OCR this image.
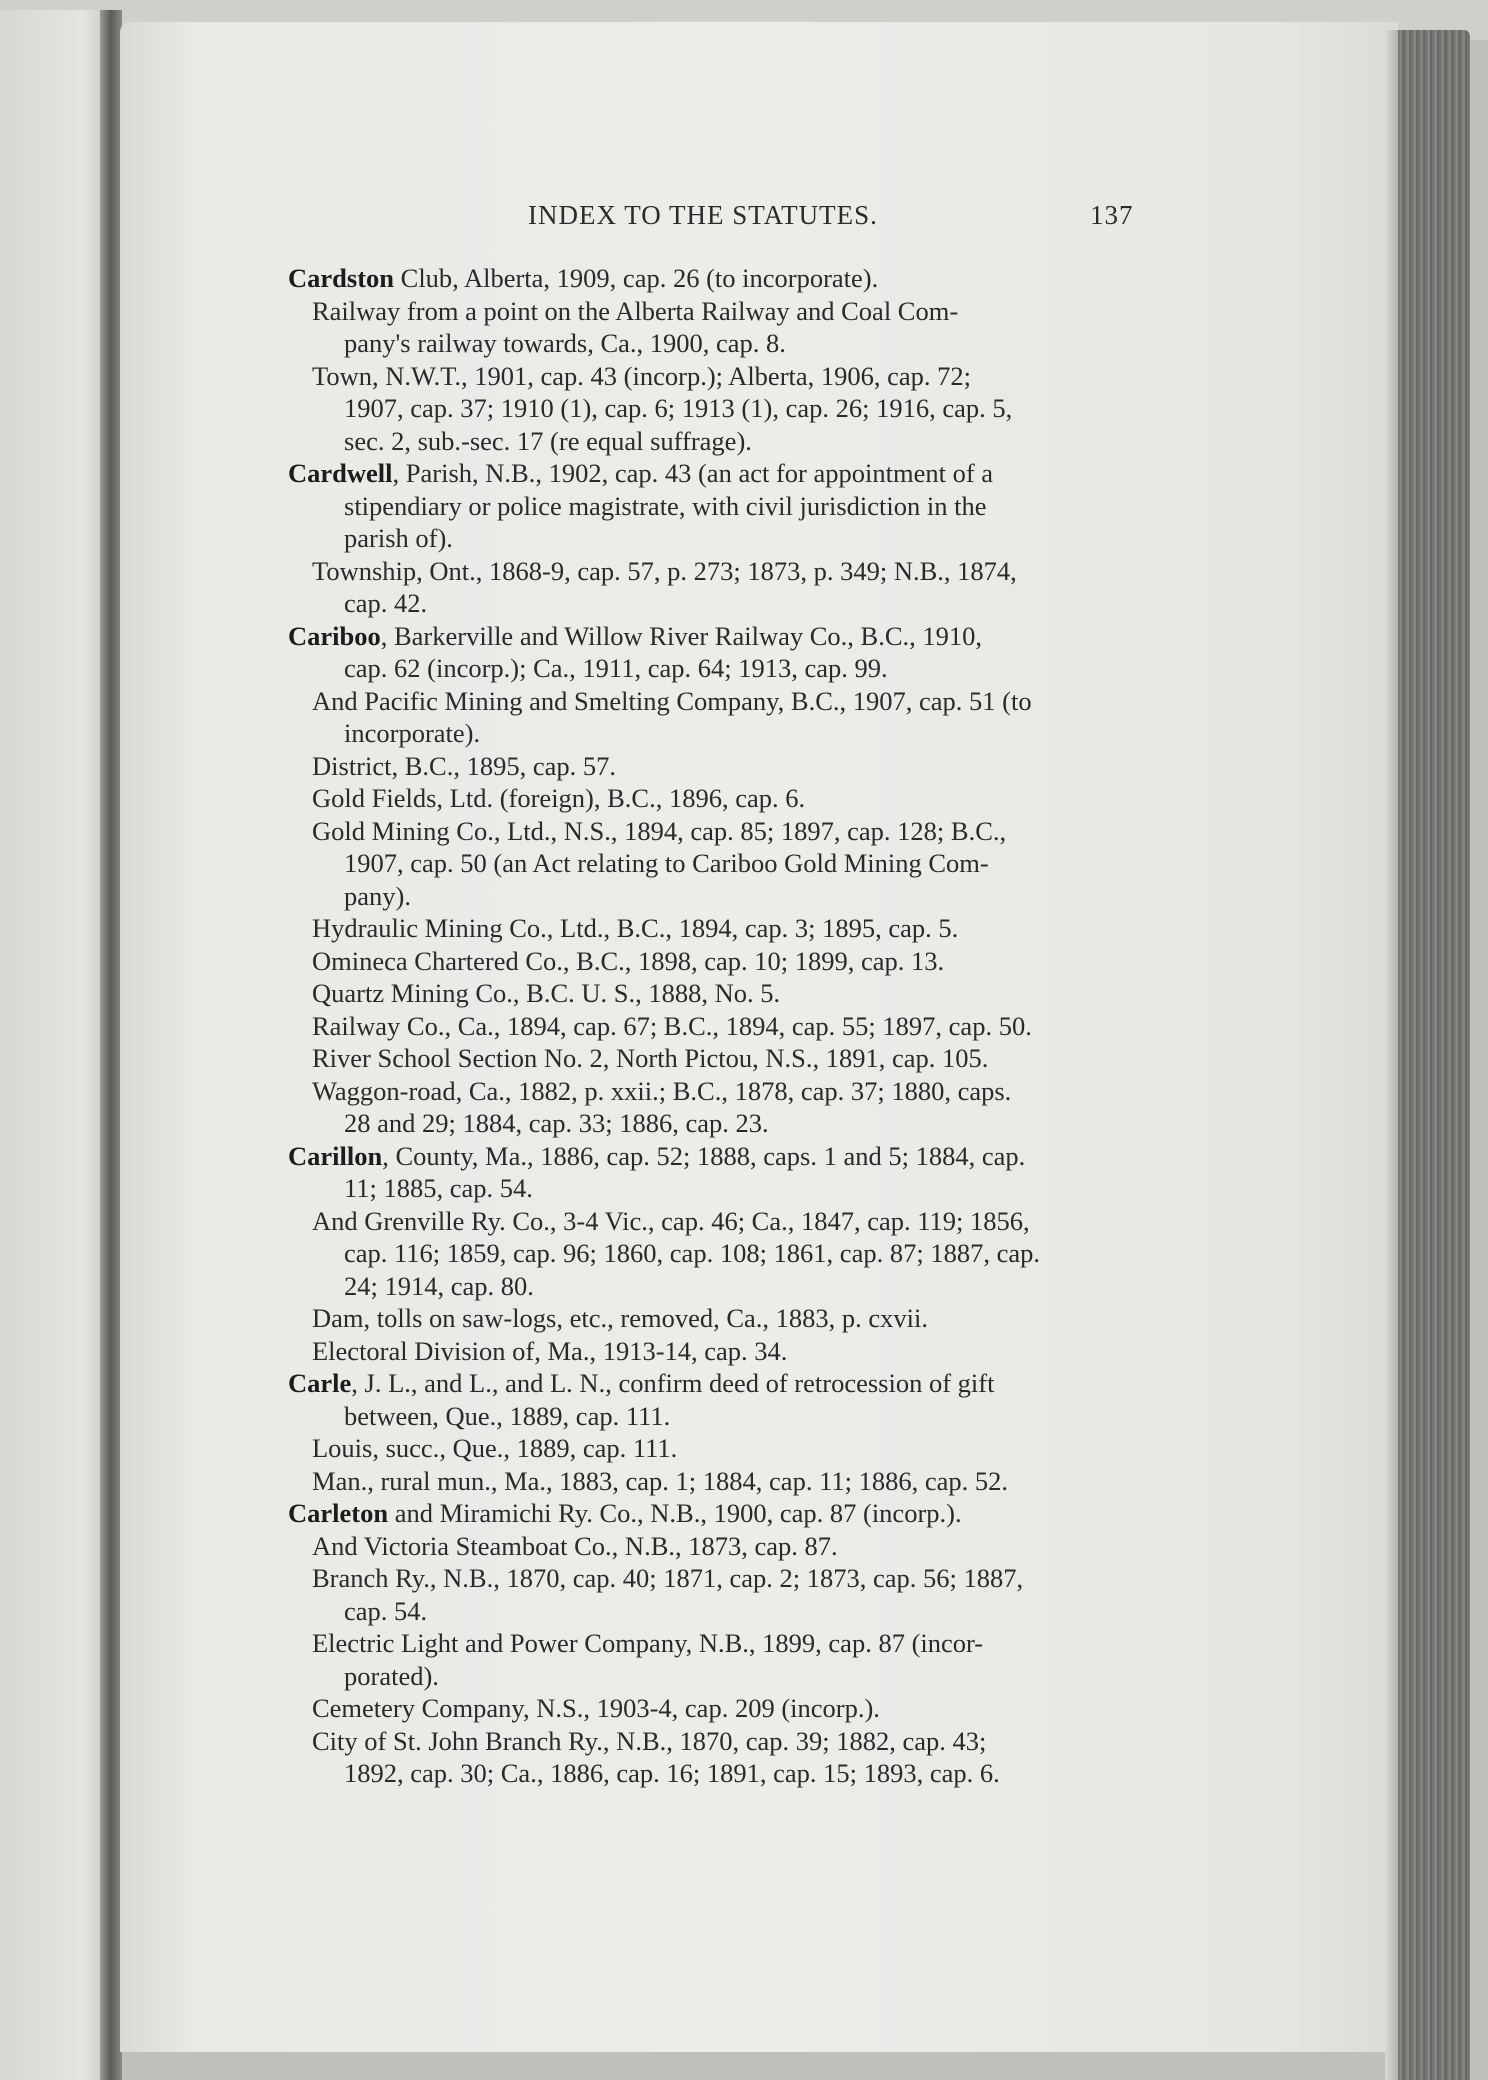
INDEX TO THE STATUTES.	137
Cardston Club, Alberta, 1909, cap. 26 (to incorporate).
Railway from a point on the Alberta Railway and Coal Com-
pany's railway towards, Ca., 1900, cap. 8.
Town, N.W.T., 1901, cap. 43 (incorp.); Alberta, 1906, cap. 72;
1907, cap. 37; 1910 (1), cap. 6; 1913 (1), cap. 26; 1916, cap. 5,
sec. 2, sub.-sec. 17 (re equal suffrage).
Cardwell, Parish, N.B., 1902, cap. 43 (an act for appointment of a
stipendiary or police magistrate, with civil jurisdiction in the
parish of).
Township, Ont., 1868-9, cap. 57, p. 273; 1873, p. 349; N.B., 1874,
cap. 42.
Cariboo, Barkerville and Willow River Railway Co., B.C., 1910,
cap. 62 (incorp.); Ca., 1911, cap. 64; 1913, cap. 99.
And Pacific Mining and Smelting Company, B.C., 1907, cap. 51 (to
incorporate).
District, B.C., 1895, cap. 57.
Gold Fields, Ltd. (foreign), B.C., 1896, cap. 6.
Gold Mining Co., Ltd., N.S., 1894, cap. 85; 1897, cap. 128; B.C.,
1907, cap. 50 (an Act relating to Cariboo Gold Mining Com-
pany).
Hydraulic Mining Co., Ltd., B.C., 1894, cap. 3; 1895, cap. 5.
Omineca Chartered Co., B.C., 1898, cap. 10; 1899, cap. 13.
Quartz Mining Co., B.C. U. S., 1888, No. 5.
Railway Co., Ca., 1894, cap. 67; B.C., 1894, cap. 55; 1897, cap. 50.
River School Section No. 2, North Pictou, N.S., 1891, cap. 105.
Waggon-road, Ca., 1882, p. xxii.; B.C., 1878, cap. 37; 1880, caps.
28 and 29; 1884, cap. 33; 1886, cap. 23.
Carillon, County, Ma., 1886, cap. 52; 1888, caps. 1 and 5; 1884, cap.
11; 1885, cap. 54.
And Grenville Ry. Co., 3-4 Vic., cap. 46; Ca., 1847, cap. 119; 1856,
cap. 116; 1859, cap. 96; 1860, cap. 108; 1861, cap. 87; 1887, cap.
24; 1914, cap. 80.
Dam, tolls on saw-logs, etc., removed, Ca., 1883, p. cxvii.
Electoral Division of, Ma., 1913-14, cap. 34.
Carle, J. L., and L., and L. N., confirm deed of retrocession of gift
between, Que., 1889, cap. 111.
Louis, succ., Que., 1889, cap. 111.
Man., rural mun., Ma., 1883, cap. 1; 1884, cap. 11; 1886, cap. 52.
Carleton and Miramichi Ry. Co., N.B., 1900, cap. 87 (incorp.).
And Victoria Steamboat Co., N.B., 1873, cap. 87.
Branch Ry., N.B., 1870, cap. 40; 1871, cap. 2; 1873, cap. 56; 1887,
cap. 54.
Electric Light and Power Company, N.B., 1899, cap. 87 (incor-
porated).
Cemetery Company, N.S., 1903-4, cap. 209 (incorp.).
City of St. John Branch Ry., N.B., 1870, cap. 39; 1882, cap. 43;
1892, cap. 30; Ca., 1886, cap. 16; 1891, cap. 15; 1893, cap. 6.
